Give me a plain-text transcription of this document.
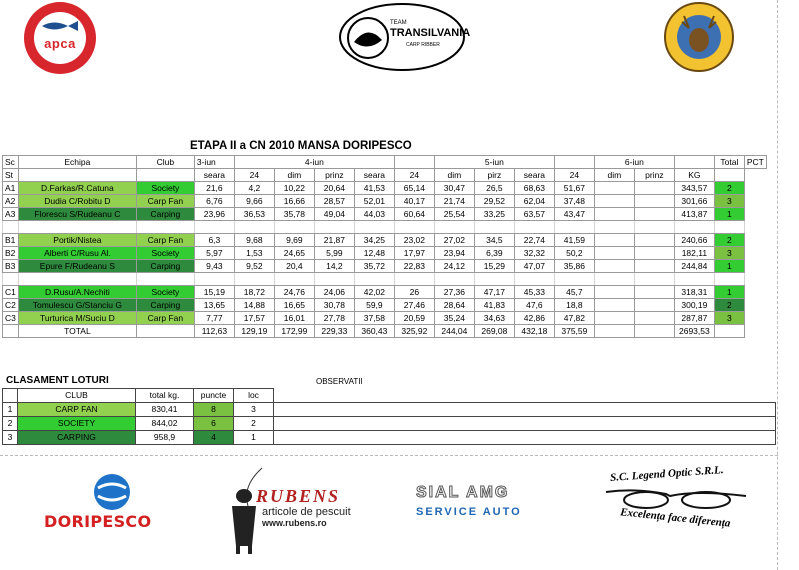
apca
TEAM
TRANSILVANIA
CARP RIBBER
ETAPA II a CN 2010 MANSA DORIPESCO
Sc	Echipa	Club	3-iun	4-iun					5-iun				6-iun			Total	PCT
St			seara	24	dim	prinz	seara	24	dim	pirz	seara	24	dim	prinz	KG		
A1	D.Farkas/R.Catuna	Society	21,6	4,2	10,22	20,64	41,53	65,14	30,47	26,5	68,63	51,67			343,57	2	
A2	Dudia C/Robitu D	Carp Fan	6,76	9,66	16,66	28,57	52,01	40,17	21,74	29,52	62,04	37,48			301,66	3	
A3	Florescu S/Rudeanu C	Carping	23,96	36,53	35,78	49,04	44,03	60,64	25,54	33,25	63,57	43,47			413,87	1	

B1	Portik/Nistea	Carp Fan	6,3	9,68	9,69	21,87	34,25	23,02	27,02	34,5	22,74	41,59			240,66	2	
B2	Alberti C/Rusu Al.	Society	5,97	1,53	24,65	5,99	12,48	17,97	23,94	6,39	32,32	50,2			182,11	3	
B3	Epure F/Rudeanu S	Carping	9,43	9,52	20,4	14,2	35,72	22,83	24,12	15,29	47,07	35,86			244,84	1	

C1	D.Rusu/A.Nechiti	Society	15,19	18,72	24,76	24,06	42,02	26	27,36	47,17	45,33	45,7			318,31	1	
C2	Tomulescu G/Stanciu G	Carping	13,65	14,88	16,65	30,78	59,9	27,46	28,64	41,83	47,6	18,8			300,19	2	
C3	Turturica M/Suciu D	Carp Fan	7,77	17,57	16,01	27,78	37,58	20,59	35,24	34,63	42,86	47,82			287,87	3	
	TOTAL		112,63	129,19	172,99	229,33	360,43	325,92	244,04	269,08	432,18	375,59			2693,53		
CLASAMENT LOTURI	OBSERVATII
	CLUB	total kg.	puncte	loc	
1	CARP FAN	830,41	8	3	
2	SOCIETY	844,02	6	2	
3	CARPING	958,9	4	1	
DORIPESCO
RUBENS
articole de pescuit
www.rubens.ro
SIAL AMG
SERVICE AUTO
S.C. Legend Optic S.R.L.
Excelența face diferența
